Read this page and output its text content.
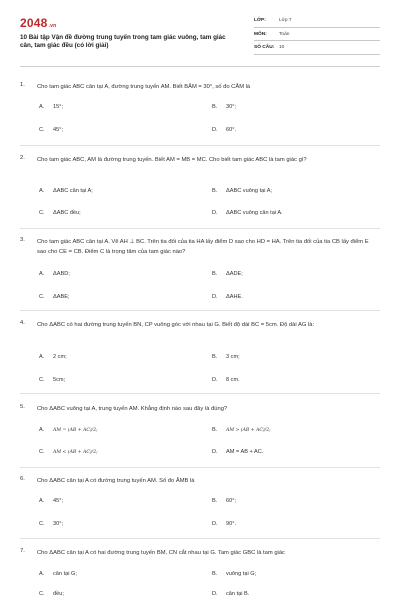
2048.vn
10 Bài tập Vận đề đường trung tuyến trong tam giác vuông, tam giác cân, tam giác đều (có lời giải)
LỚP:	Lớp 7
MÔN:	Toán
SỐ CÂU: 10
1. Cho tam giác ABC cân tại A, đường trung tuyến AM. Biết BÂM = 30°, số đo CÂM là
A. 15°;	B. 30°;
C. 45°;	D. 60°.
2. Cho tam giác ABC, AM là đường trung tuyến. Biết AM = MB = MC. Cho biết tam giác ABC là tam giác gì?
A. ΔABC cân tại A;	B. ΔABC vuông tại A;
C. ΔABC đều;	D. ΔABC vuông cân tại A.
3. Cho tam giác ABC cân tại A. Vẽ AH ⊥ BC. Trên tia đối của tia HA lấy điểm D sao cho HD = HA. Trên tia đối của tia CB lấy điểm E sao cho CE = CB. Điểm C là trọng tâm của tam giác nào?
A. ΔABD;	B. ΔADE;
C. ΔABE;	D. ΔAHE.
4. Cho ΔABC có hai đường trung tuyến BN, CP vuông góc với nhau tại G. Biết độ dài BC = 5cm. Độ dài AG là:
A. 2 cm;	B. 3 cm;
C. 5cm;	D. 8 cm.
5. Cho ΔABC vuông tại A, trung tuyến AM. Khẳng định nào sau đây là đúng?
A. AM = (AB + AC)/2;	B. AM > (AB + AC)/2;
C. AM < (AB + AC)/2;	D. AM = AB + AC.
6. Cho ΔABC cân tại A có đường trung tuyến AM. Số đo ÂMB là
A. 45°;	B. 60°;
C. 30°;	D. 90°.
7. Cho ΔABC cân tại A có hai đường trung tuyến BM, CN cắt nhau tại G. Tam giác GBC là tam giác
A. cân tại G;	B. vuông tại G;
C. đều;	D. cân tại B.
